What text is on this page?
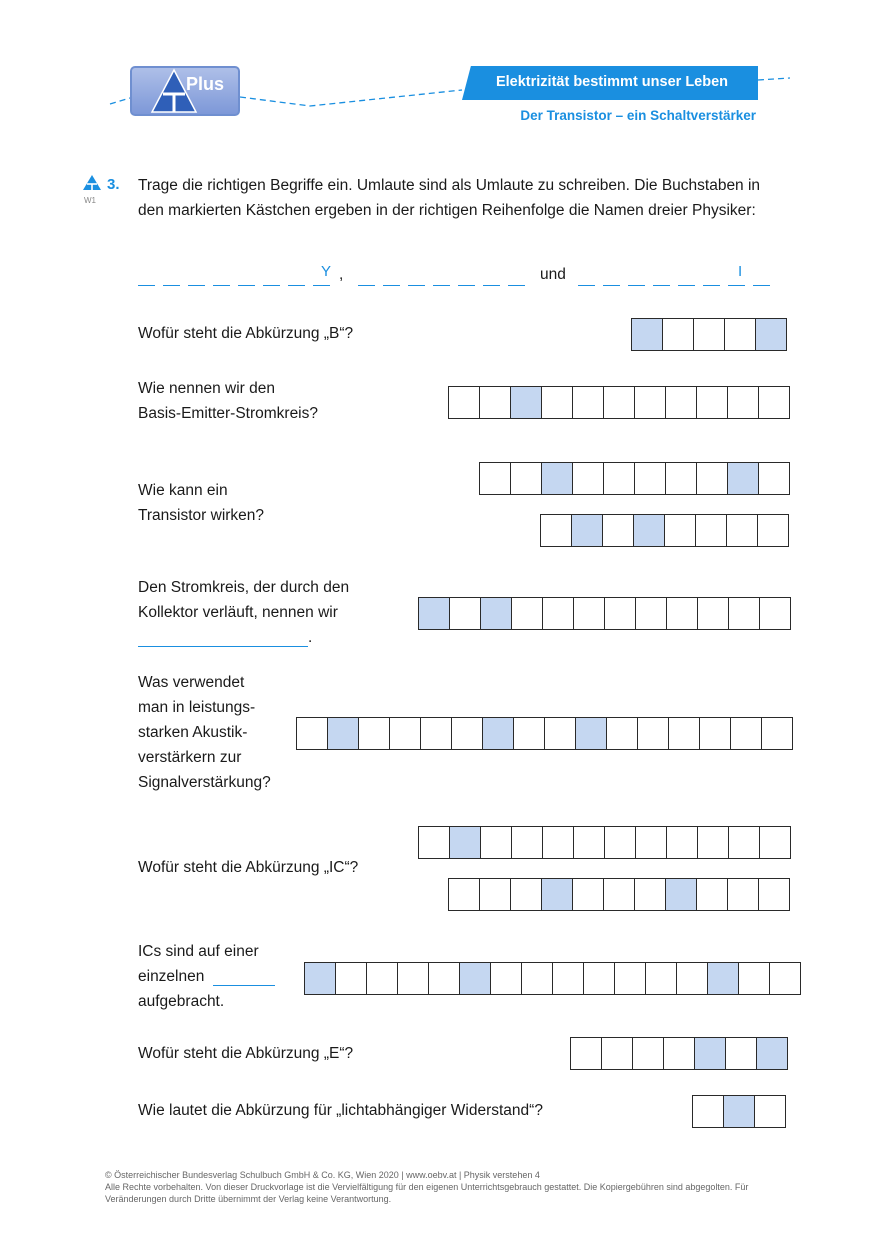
Plus	Elektrizität bestimmt unser Leben
Der Transistor – ein Schaltverstärker
W1
3. Trage die richtigen Begriffe ein. Umlaute sind als Umlaute zu schreiben. Die Buchstaben in den markierten Kästchen ergeben in der richtigen Reihenfolge die Namen dreier Physiker:
Y ,	und	I
Wofür steht die Abkürzung „B“?
Wie nennen wir den
Basis-Emitter-Stromkreis?
Wie kann ein
Transistor wirken?
Den Stromkreis, der durch den
Kollektor verläuft, nennen wir
.
Was verwendet
man in leistungs-
starken Akustik-
verstärkern zur
Signalverstärkung?
Wofür steht die Abkürzung „IC“?
ICs sind auf einer
einzelnen
aufgebracht.
Wofür steht die Abkürzung „E“?
Wie lautet die Abkürzung für „lichtabhängiger Widerstand“?
© Österreichischer Bundesverlag Schulbuch GmbH & Co. KG, Wien 2020 | www.oebv.at | Physik verstehen 4
Alle Rechte vorbehalten. Von dieser Druckvorlage ist die Vervielfältigung für den eigenen Unterrichtsgebrauch gestattet. Die Kopiergebühren sind abgegolten. Für
Veränderungen durch Dritte übernimmt der Verlag keine Verantwortung.
